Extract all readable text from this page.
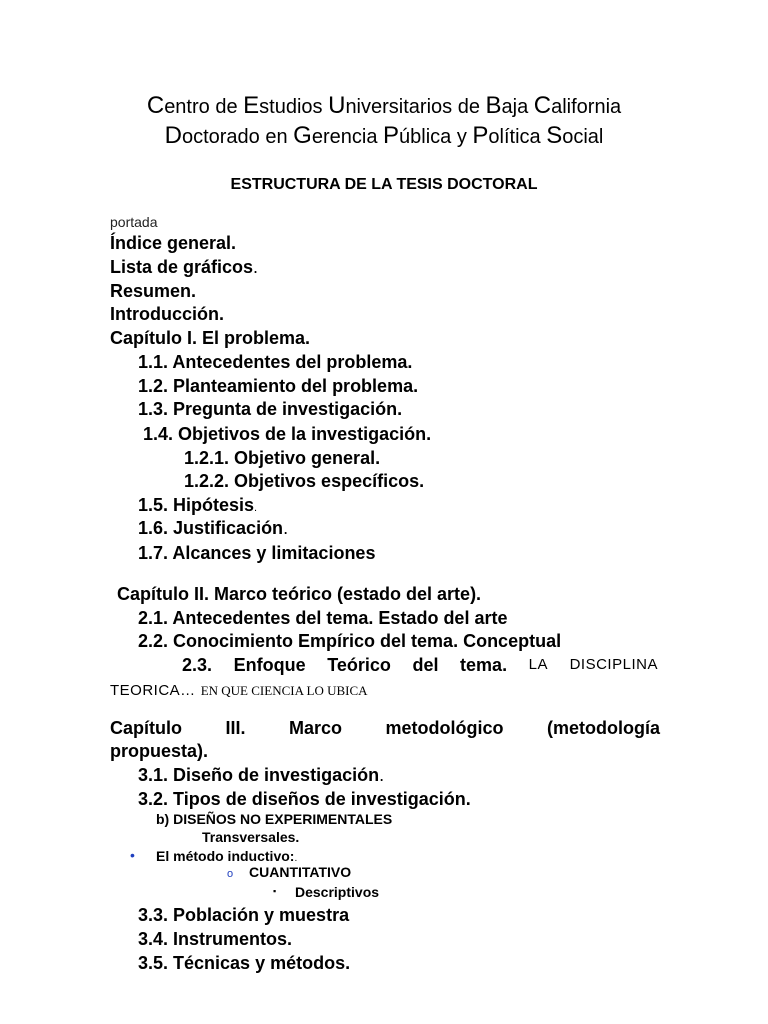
Centro de Estudios Universitarios de Baja California
Doctorado en Gerencia Pública y Política Social
ESTRUCTURA DE LA TESIS DOCTORAL
portada
Índice general.
Lista de gráficos.
Resumen.
Introducción.
Capítulo I. El problema.
1.1. Antecedentes del problema.
1.2. Planteamiento del problema.
1.3. Pregunta de investigación.
1.4. Objetivos de la investigación.
1.2.1. Objetivo general.
1.2.2. Objetivos específicos.
1.5. Hipótesis.
1.6. Justificación.
1.7. Alcances y limitaciones
Capítulo II. Marco teórico (estado del arte).
2.1. Antecedentes del tema. Estado del arte
2.2. Conocimiento Empírico del tema. Conceptual
2.3. Enfoque Teórico del tema. LA DISCIPLINA
TEORICA… EN QUE CIENCIA LO UBICA
Capítulo III. Marco metodológico (metodología
propuesta).
3.1. Diseño de investigación.
3.2. Tipos de diseños de investigación.
b) DISEÑOS NO EXPERIMENTALES
Transversales.
• El método inductivo:.
o CUANTITATIVO
▪ Descriptivos
3.3. Población y muestra
3.4. Instrumentos.
3.5. Técnicas y métodos.
